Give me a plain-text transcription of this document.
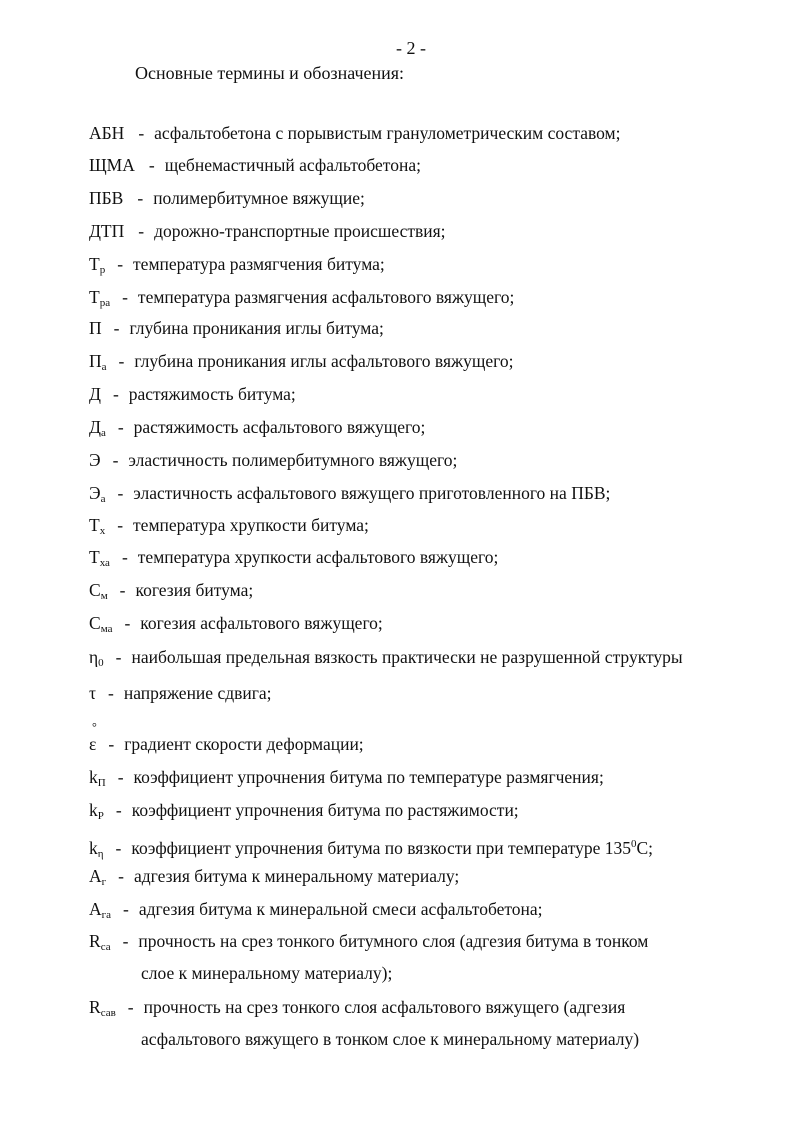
- 2 -
Основные термины и обозначения:
АБН - асфальтобетона с порывистым гранулометрическим составом;
ЩМА - щебнемастичный асфальтобетона;
ПБВ - полимербитумное вяжущие;
ДТП - дорожно-транспортные происшествия;
$Т_р$ - температура размягчения битума;
$Т_{ра}$ - температура размягчения асфальтового вяжущего;
П - глубина проникания иглы битума;
$П_а$ - глубина проникания иглы асфальтового вяжущего;
Д - растяжимость битума;
$Д_а$ - растяжимость асфальтового вяжущего;
Э - эластичность полимербитумного вяжущего;
$Э_а$ - эластичность асфальтового вяжущего приготовленного на ПБВ;
$Т_х$ - температура хрупкости битума;
$Т_{ха}$ - температура хрупкости асфальтового вяжущего;
$С_м$ - когезия битума;
$С_{ма}$ - когезия асфальтового вяжущего;
$\eta_0$ - наибольшая предельная вязкость практически не разрушенной структуры
τ - напряжение сдвига;
ε - градиент скорости деформации;
$k_П$ - коэффициент упрочнения битума по температуре размягчения;
$k_Р$ - коэффициент упрочнения битума по растяжимости;
$k_\eta$ - коэффициент упрочнения битума по вязкости при температуре $135^0С$;
$А_г$ - адгезия битума к минеральному материалу;
$А_{га}$ - адгезия битума к минеральной смеси асфальтобетона;
$R_{са}$ - прочность на срез тонкого битумного слоя (адгезия битума в тонком
слое к минеральному материалу);
$R_{сав}$ - прочность на срез тонкого слоя асфальтового вяжущего (адгезия
асфальтового вяжущего в тонком слое к минеральному материалу)
°
